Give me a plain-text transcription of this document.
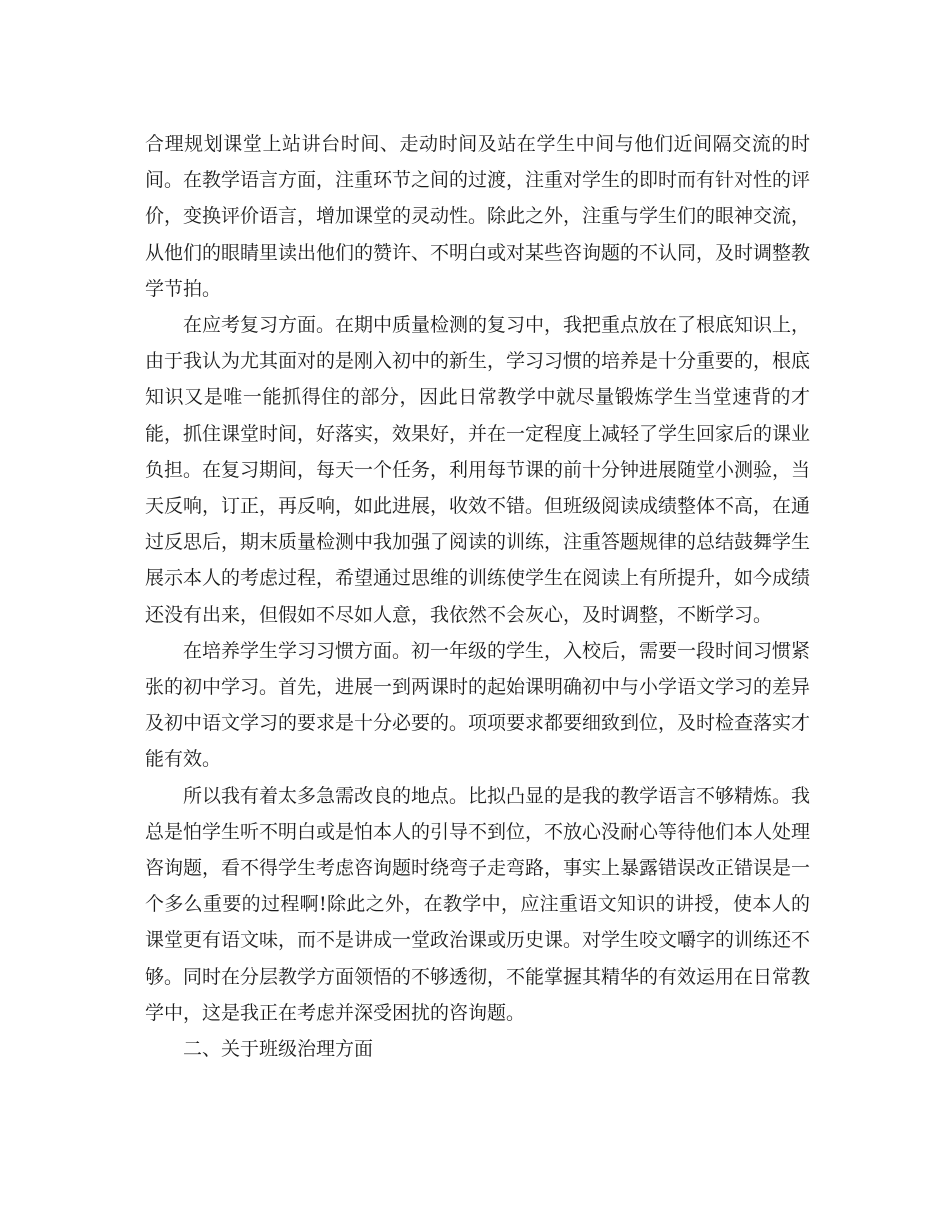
合理规划课堂上站讲台时间、走动时间及站在学生中间与他们近间隔交流的时间。在教学语言方面，注重环节之间的过渡，注重对学生的即时而有针对性的评价，变换评价语言，增加课堂的灵动性。除此之外，注重与学生们的眼神交流，从他们的眼睛里读出他们的赞许、不明白或对某些咨询题的不认同，及时调整教学节拍。

在应考复习方面。在期中质量检测的复习中，我把重点放在了根底知识上，由于我认为尤其面对的是刚入初中的新生，学习习惯的培养是十分重要的，根底知识又是唯一能抓得住的部分，因此日常教学中就尽量锻炼学生当堂速背的才能，抓住课堂时间，好落实，效果好，并在一定程度上减轻了学生回家后的课业负担。在复习期间，每天一个任务，利用每节课的前十分钟进展随堂小测验，当天反响，订正，再反响，如此进展，收效不错。但班级阅读成绩整体不高，在通过反思后，期末质量检测中我加强了阅读的训练，注重答题规律的总结鼓舞学生展示本人的考虑过程，希望通过思维的训练使学生在阅读上有所提升，如今成绩还没有出来，但假如不尽如人意，我依然不会灰心，及时调整，不断学习。

在培养学生学习习惯方面。初一年级的学生，入校后，需要一段时间习惯紧张的初中学习。首先，进展一到两课时的起始课明确初中与小学语文学习的差异及初中语文学习的要求是十分必要的。项项要求都要细致到位，及时检查落实才能有效。

所以我有着太多急需改良的地点。比拟凸显的是我的教学语言不够精炼。我总是怕学生听不明白或是怕本人的引导不到位，不放心没耐心等待他们本人处理咨询题，看不得学生考虑咨询题时绕弯子走弯路，事实上暴露错误改正错误是一个多么重要的过程啊!除此之外，在教学中，应注重语文知识的讲授，使本人的课堂更有语文味，而不是讲成一堂政治课或历史课。对学生咬文嚼字的训练还不够。同时在分层教学方面领悟的不够透彻，不能掌握其精华的有效运用在日常教学中，这是我正在考虑并深受困扰的咨询题。

二、关于班级治理方面
